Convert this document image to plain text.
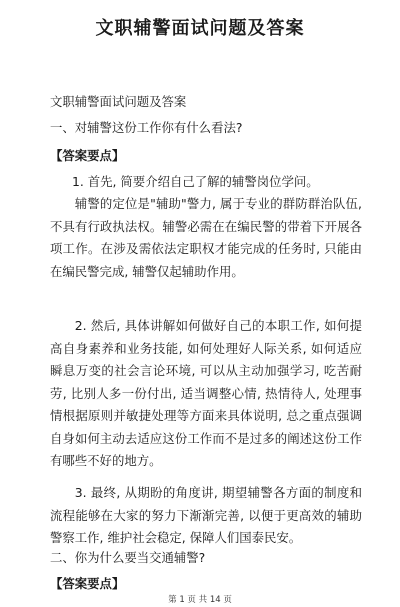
文职辅警面试问题及答案
文职辅警面试问题及答案
一、对辅警这份工作你有什么看法?
【答案要点】
1. 首先, 简要介绍自己了解的辅警岗位学问。
辅警的定位是"辅助"警力, 属于专业的群防群治队伍, 不具有行政执法权。辅警必需在在编民警的带着下开展各项工作。在涉及需依法定职权才能完成的任务时, 只能由在编民警完成, 辅警仅起辅助作用。
2. 然后, 具体讲解如何做好自己的本职工作, 如何提高自身素养和业务技能, 如何处理好人际关系, 如何适应瞬息万变的社会言论环境, 可以从主动加强学习, 吃苦耐劳, 比别人多一份付出, 适当调整心情, 热情待人, 处理事情根据原则并敏捷处理等方面来具体说明, 总之重点强调自身如何主动去适应这份工作而不是过多的阐述这份工作有哪些不好的地方。
3. 最终, 从期盼的角度讲, 期望辅警各方面的制度和流程能够在大家的努力下渐渐完善, 以便于更高效的辅助警察工作, 维护社会稳定, 保障人们国泰民安。
二、你为什么要当交通辅警?
【答案要点】
第 1 页 共 14 页
